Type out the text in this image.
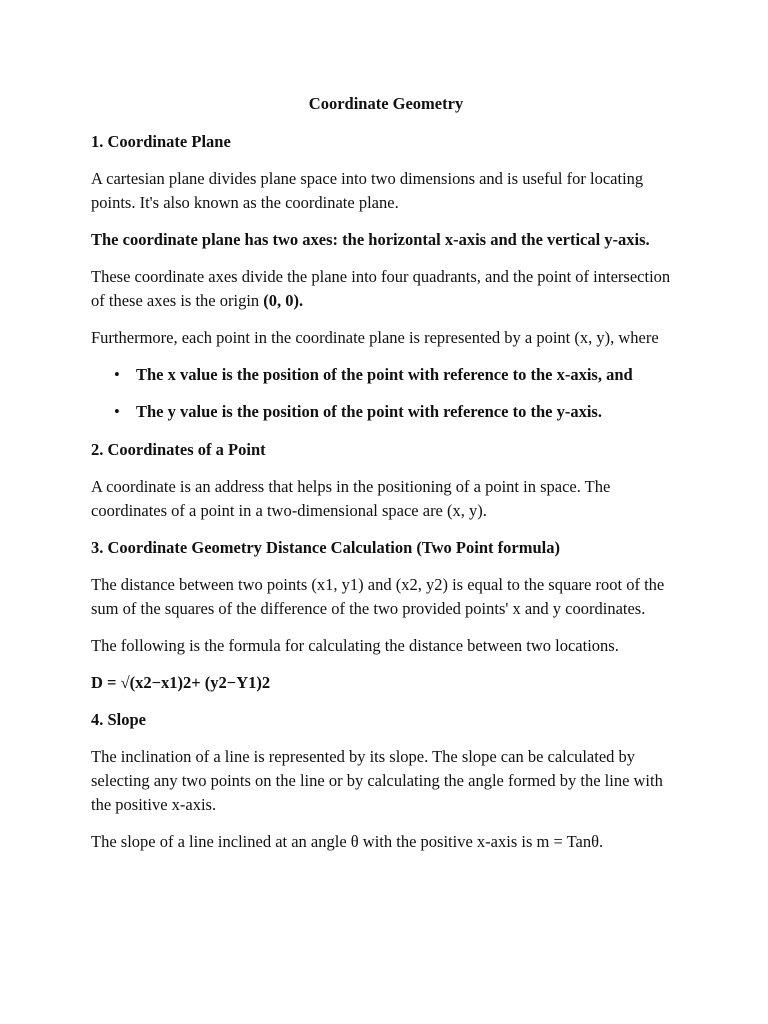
Coordinate Geometry
1. Coordinate Plane

A cartesian plane divides plane space into two dimensions and is useful for locating points. It's also known as the coordinate plane.

The coordinate plane has two axes: the horizontal x-axis and the vertical y-axis.

These coordinate axes divide the plane into four quadrants, and the point of intersection of these axes is the origin (0, 0).

Furthermore, each point in the coordinate plane is represented by a point (x, y), where

• The x value is the position of the point with reference to the x-axis, and
• The y value is the position of the point with reference to the y-axis.
2. Coordinates of a Point

A coordinate is an address that helps in the positioning of a point in space. The coordinates of a point in a two-dimensional space are (x, y).

3. Coordinate Geometry Distance Calculation (Two Point formula)

The distance between two points (x1, y1) and (x2, y2) is equal to the square root of the sum of the squares of the difference of the two provided points' x and y coordinates.

The following is the formula for calculating the distance between two locations.

D = √(x2−x1)2+ (y2−Y1)2

4. Slope

The inclination of a line is represented by its slope. The slope can be calculated by selecting any two points on the line or by calculating the angle formed by the line with the positive x-axis.

The slope of a line inclined at an angle θ with the positive x-axis is m = Tanθ.
